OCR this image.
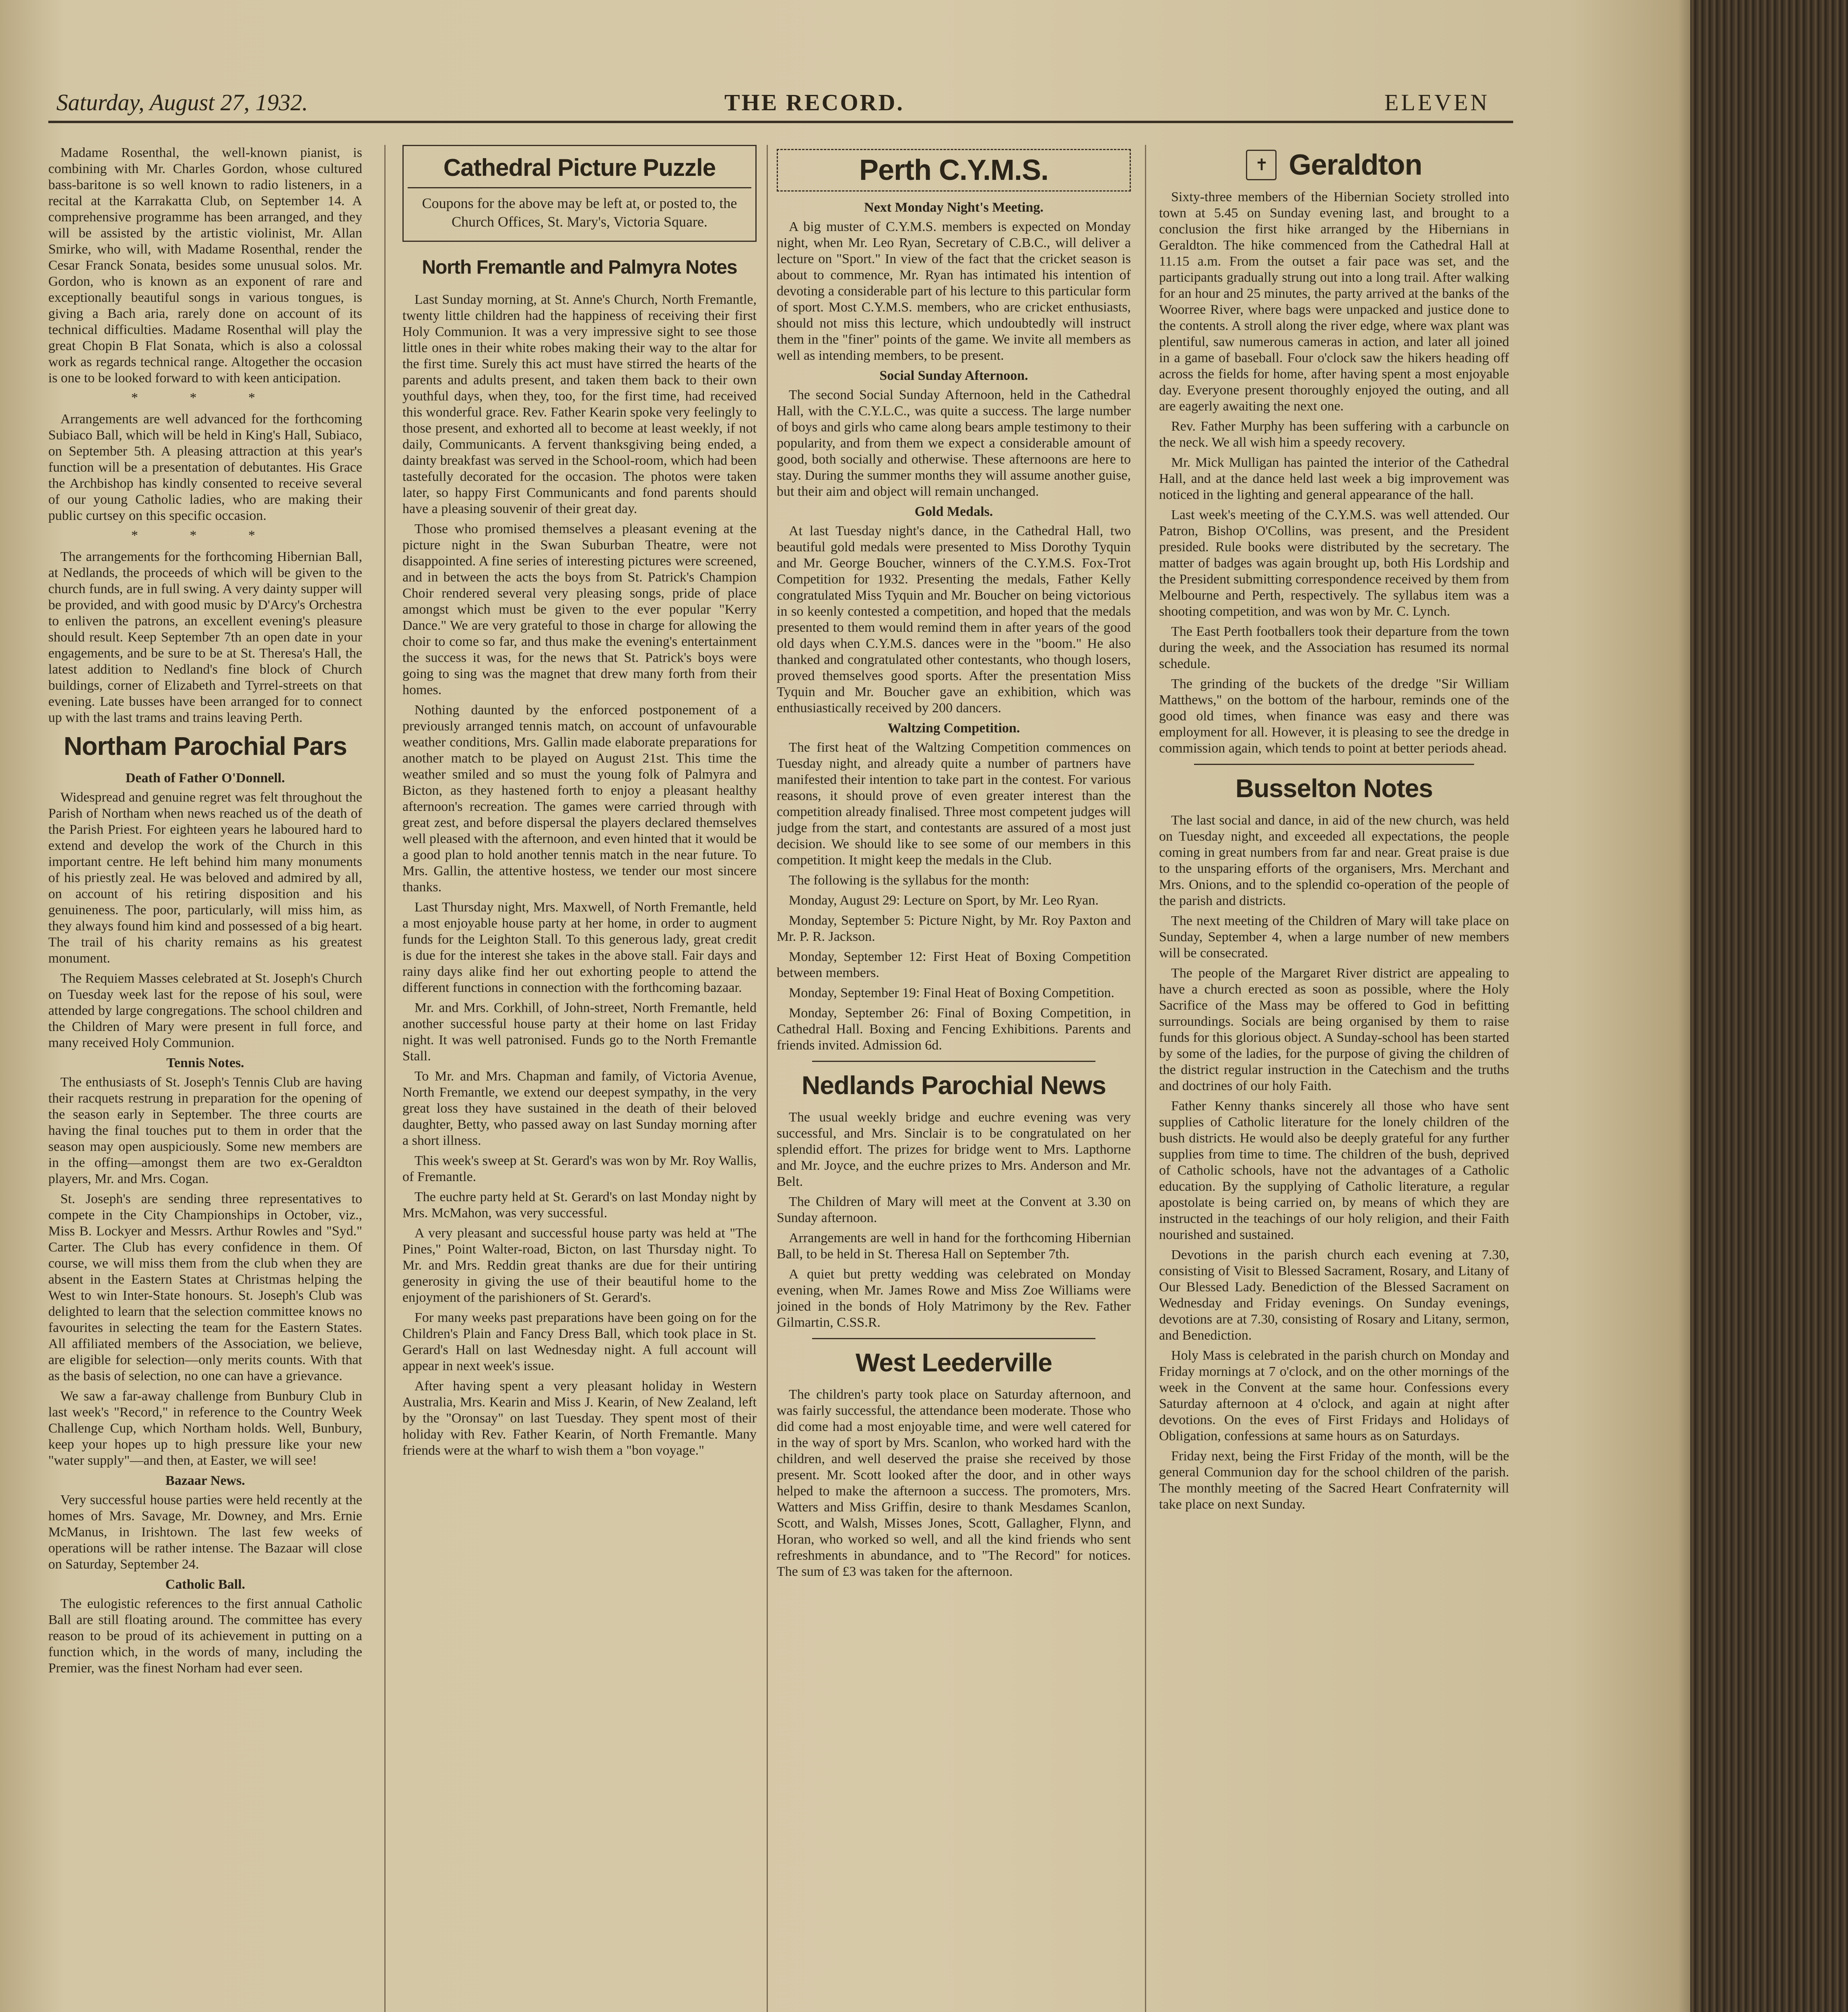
Saturday, August 27, 1932.	THE RECORD.	ELEVEN

Madame Rosenthal, the well-known pianist, is combining with Mr. Charles Gordon, whose cultured bass-baritone is so well known to radio listeners, in a recital at the Karrakatta Club, on September 14. A comprehensive programme has been arranged, and they will be assisted by the artistic violinist, Mr. Allan Smirke, who will, with Madame Rosenthal, render the Cesar Franck Sonata, besides some unusual solos. Mr. Gordon, who is known as an exponent of rare and exceptionally beautiful songs in various tongues, is giving a Bach aria, rarely done on account of its technical difficulties. Madame Rosenthal will play the great Chopin B Flat Sonata, which is also a colossal work as regards technical range. Altogether the occasion is one to be looked forward to with keen anticipation.

* * *

Arrangements are well advanced for the forthcoming Subiaco Ball, which will be held in King's Hall, Subiaco, on September 5th. A pleasing attraction at this year's function will be a presentation of debutantes. His Grace the Archbishop has kindly consented to receive several of our young Catholic ladies, who are making their public curtsey on this specific occasion.

* * *

The arrangements for the forthcoming Hibernian Ball, at Nedlands, the proceeds of which will be given to the church funds, are in full swing. A very dainty supper will be provided, and with good music by D'Arcy's Orchestra to enliven the patrons, an excellent evening's pleasure should result. Keep September 7th an open date in your engagements, and be sure to be at St. Theresa's Hall, the latest addition to Nedland's fine block of Church buildings, corner of Elizabeth and Tyrrel-streets on that evening. Late busses have been arranged for to connect up with the last trams and trains leaving Perth.

Northam Parochial Pars
Death of Father O'Donnell.

Widespread and genuine regret was felt throughout the Parish of Northam when news reached us of the death of the Parish Priest. For eighteen years he laboured hard to extend and develop the work of the Church in this important centre. He left behind him many monuments of his priestly zeal. He was beloved and admired by all, on account of his retiring disposition and his genuineness. The poor, particularly, will miss him, as they always found him kind and possessed of a big heart. The trail of his charity remains as his greatest monument.

The Requiem Masses celebrated at St. Joseph's Church on Tuesday week last for the repose of his soul, were attended by large congregations. The school children and the Children of Mary were present in full force, and many received Holy Communion.

Tennis Notes.

The enthusiasts of St. Joseph's Tennis Club are having their racquets restrung in preparation for the opening of the season early in September. The three courts are having the final touches put to them in order that the season may open auspiciously. Some new members are in the offing—amongst them are two ex-Geraldton players, Mr. and Mrs. Cogan.

St. Joseph's are sending three representatives to compete in the City Championships in October, viz., Miss B. Lockyer and Messrs. Arthur Rowles and "Syd." Carter. The Club has every confidence in them. Of course, we will miss them from the club when they are absent in the Eastern States at Christmas helping the West to win Inter-State honours. St. Joseph's Club was delighted to learn that the selection committee knows no favourites in selecting the team for the Eastern States. All affiliated members of the Association, we believe, are eligible for selection—only merits counts. With that as the basis of selection, no one can have a grievance.

We saw a far-away challenge from Bunbury Club in last week's "Record," in reference to the Country Week Challenge Cup, which Northam holds. Well, Bunbury, keep your hopes up to high pressure like your new "water supply"—and then, at Easter, we will see!

Bazaar News.

Very successful house parties were held recently at the homes of Mrs. Savage, Mr. Downey, and Mrs. Ernie McManus, in Irishtown. The last few weeks of operations will be rather intense. The Bazaar will close on Saturday, September 24.

Catholic Ball.

The eulogistic references to the first annual Catholic Ball are still floating around. The committee has every reason to be proud of its achievement in putting on a function which, in the words of many, including the Premier, was the finest Norham had ever seen.

Cathedral Picture Puzzle

Coupons for the above may be left at, or posted to, the Church Offices, St. Mary's, Victoria Square.

North Fremantle and Palmyra Notes

Last Sunday morning, at St. Anne's Church, North Fremantle, twenty little children had the happiness of receiving their first Holy Communion. It was a very impressive sight to see those little ones in their white robes making their way to the altar for the first time. Surely this act must have stirred the hearts of the parents and adults present, and taken them back to their own youthful days, when they, too, for the first time, had received this wonderful grace. Rev. Father Kearin spoke very feelingly to those present, and exhorted all to become at least weekly, if not daily, Communicants. A fervent thanksgiving being ended, a dainty breakfast was served in the School-room, which had been tastefully decorated for the occasion. The photos were taken later, so happy First Communicants and fond parents should have a pleasing souvenir of their great day.

Those who promised themselves a pleasant evening at the picture night in the Swan Suburban Theatre, were not disappointed. A fine series of interesting pictures were screened, and in between the acts the boys from St. Patrick's Champion Choir rendered several very pleasing songs, pride of place amongst which must be given to the ever popular "Kerry Dance." We are very grateful to those in charge for allowing the choir to come so far, and thus make the evening's entertainment the success it was, for the news that St. Patrick's boys were going to sing was the magnet that drew many forth from their homes.

Nothing daunted by the enforced postponement of a previously arranged tennis match, on account of unfavourable weather conditions, Mrs. Gallin made elaborate preparations for another match to be played on August 21st. This time the weather smiled and so must the young folk of Palmyra and Bicton, as they hastened forth to enjoy a pleasant healthy afternoon's recreation. The games were carried through with great zest, and before dispersal the players declared themselves well pleased with the afternoon, and even hinted that it would be a good plan to hold another tennis match in the near future. To Mrs. Gallin, the attentive hostess, we tender our most sincere thanks.

Last Thursday night, Mrs. Maxwell, of North Fremantle, held a most enjoyable house party at her home, in order to augment funds for the Leighton Stall. To this generous lady, great credit is due for the interest she takes in the above stall. Fair days and rainy days alike find her out exhorting people to attend the different functions in connection with the forthcoming bazaar.

Mr. and Mrs. Corkhill, of John-street, North Fremantle, held another successful house party at their home on last Friday night. It was well patronised. Funds go to the North Fremantle Stall.

To Mr. and Mrs. Chapman and family, of Victoria Avenue, North Fremantle, we extend our deepest sympathy, in the very great loss they have sustained in the death of their beloved daughter, Betty, who passed away on last Sunday morning after a short illness.

This week's sweep at St. Gerard's was won by Mr. Roy Wallis, of Fremantle.

The euchre party held at St. Gerard's on last Monday night by Mrs. McMahon, was very successful.

A very pleasant and successful house party was held at "The Pines," Point Walter-road, Bicton, on last Thursday night. To Mr. and Mrs. Reddin great thanks are due for their untiring generosity in giving the use of their beautiful home to the enjoyment of the parishioners of St. Gerard's.

For many weeks past preparations have been going on for the Children's Plain and Fancy Dress Ball, which took place in St. Gerard's Hall on last Wednesday night. A full account will appear in next week's issue.

After having spent a very pleasant holiday in Western Australia, Mrs. Kearin and Miss J. Kearin, of New Zealand, left by the "Oronsay" on last Tuesday. They spent most of their holiday with Rev. Father Kearin, of North Fremantle. Many friends were at the wharf to wish them a "bon voyage."

Perth C.Y.M.S.
Next Monday Night's Meeting.

A big muster of C.Y.M.S. members is expected on Monday night, when Mr. Leo Ryan, Secretary of C.B.C., will deliver a lecture on "Sport." In view of the fact that the cricket season is about to commence, Mr. Ryan has intimated his intention of devoting a considerable part of his lecture to this particular form of sport. Most C.Y.M.S. members, who are cricket enthusiasts, should not miss this lecture, which undoubtedly will instruct them in the "finer" points of the game. We invite all members as well as intending members, to be present.

Social Sunday Afternoon.

The second Social Sunday Afternoon, held in the Cathedral Hall, with the C.Y.L.C., was quite a success. The large number of boys and girls who came along bears ample testimony to their popularity, and from them we expect a considerable amount of good, both socially and otherwise. These afternoons are here to stay. During the summer months they will assume another guise, but their aim and object will remain unchanged.

Gold Medals.

At last Tuesday night's dance, in the Cathedral Hall, two beautiful gold medals were presented to Miss Dorothy Tyquin and Mr. George Boucher, winners of the C.Y.M.S. Fox-Trot Competition for 1932. Presenting the medals, Father Kelly congratulated Miss Tyquin and Mr. Boucher on being victorious in so keenly contested a competition, and hoped that the medals presented to them would remind them in after years of the good old days when C.Y.M.S. dances were in the "boom." He also thanked and congratulated other contestants, who though losers, proved themselves good sports. After the presentation Miss Tyquin and Mr. Boucher gave an exhibition, which was enthusiastically received by 200 dancers.

Waltzing Competition.

The first heat of the Waltzing Competition commences on Tuesday night, and already quite a number of partners have manifested their intention to take part in the contest. For various reasons, it should prove of even greater interest than the competition already finalised. Three most competent judges will judge from the start, and contestants are assured of a most just decision. We should like to see some of our members in this competition. It might keep the medals in the Club.

The following is the syllabus for the month:

Monday, August 29: Lecture on Sport, by Mr. Leo Ryan.

Monday, September 5: Picture Night, by Mr. Roy Paxton and Mr. P. R. Jackson.

Monday, September 12: First Heat of Boxing Competition between members.

Monday, September 19: Final Heat of Boxing Competition.

Monday, September 26: Final of Boxing Competition, in Cathedral Hall. Boxing and Fencing Exhibitions. Parents and friends invited. Admission 6d.

Nedlands Parochial News

The usual weekly bridge and euchre evening was very successful, and Mrs. Sinclair is to be congratulated on her splendid effort. The prizes for bridge went to Mrs. Lapthorne and Mr. Joyce, and the euchre prizes to Mrs. Anderson and Mr. Belt.

The Children of Mary will meet at the Convent at 3.30 on Sunday afternoon.

Arrangements are well in hand for the forthcoming Hibernian Ball, to be held in St. Theresa Hall on September 7th.

A quiet but pretty wedding was celebrated on Monday evening, when Mr. James Rowe and Miss Zoe Williams were joined in the bonds of Holy Matrimony by the Rev. Father Gilmartin, C.SS.R.

West Leederville

The children's party took place on Saturday afternoon, and was fairly successful, the attendance been moderate. Those who did come had a most enjoyable time, and were well catered for in the way of sport by Mrs. Scanlon, who worked hard with the children, and well deserved the praise she received by those present. Mr. Scott looked after the door, and in other ways helped to make the afternoon a success. The promoters, Mrs. Watters and Miss Griffin, desire to thank Mesdames Scanlon, Scott, and Walsh, Misses Jones, Scott, Gallagher, Flynn, and Horan, who worked so well, and all the kind friends who sent refreshments in abundance, and to "The Record" for notices. The sum of £3 was taken for the afternoon.

✝ Geraldton

Sixty-three members of the Hibernian Society strolled into town at 5.45 on Sunday evening last, and brought to a conclusion the first hike arranged by the Hibernians in Geraldton. The hike commenced from the Cathedral Hall at 11.15 a.m. From the outset a fair pace was set, and the participants gradually strung out into a long trail. After walking for an hour and 25 minutes, the party arrived at the banks of the Woorree River, where bags were unpacked and justice done to the contents. A stroll along the river edge, where wax plant was plentiful, saw numerous cameras in action, and later all joined in a game of baseball. Four o'clock saw the hikers heading off across the fields for home, after having spent a most enjoyable day. Everyone present thoroughly enjoyed the outing, and all are eagerly awaiting the next one.

Rev. Father Murphy has been suffering with a carbuncle on the neck. We all wish him a speedy recovery.

Mr. Mick Mulligan has painted the interior of the Cathedral Hall, and at the dance held last week a big improvement was noticed in the lighting and general appearance of the hall.

Last week's meeting of the C.Y.M.S. was well attended. Our Patron, Bishop O'Collins, was present, and the President presided. Rule books were distributed by the secretary. The matter of badges was again brought up, both His Lordship and the President submitting correspondence received by them from Melbourne and Perth, respectively. The syllabus item was a shooting competition, and was won by Mr. C. Lynch.

The East Perth footballers took their departure from the town during the week, and the Association has resumed its normal schedule.

The grinding of the buckets of the dredge "Sir William Matthews," on the bottom of the harbour, reminds one of the good old times, when finance was easy and there was employment for all. However, it is pleasing to see the dredge in commission again, which tends to point at better periods ahead.

Busselton Notes

The last social and dance, in aid of the new church, was held on Tuesday night, and exceeded all expectations, the people coming in great numbers from far and near. Great praise is due to the unsparing efforts of the organisers, Mrs. Merchant and Mrs. Onions, and to the splendid co-operation of the people of the parish and districts.

The next meeting of the Children of Mary will take place on Sunday, September 4, when a large number of new members will be consecrated.

The people of the Margaret River district are appealing to have a church erected as soon as possible, where the Holy Sacrifice of the Mass may be offered to God in befitting surroundings. Socials are being organised by them to raise funds for this glorious object. A Sunday-school has been started by some of the ladies, for the purpose of giving the children of the district regular instruction in the Catechism and the truths and doctrines of our holy Faith.

Father Kenny thanks sincerely all those who have sent supplies of Catholic literature for the lonely children of the bush districts. He would also be deeply grateful for any further supplies from time to time. The children of the bush, deprived of Catholic schools, have not the advantages of a Catholic education. By the supplying of Catholic literature, a regular apostolate is being carried on, by means of which they are instructed in the teachings of our holy religion, and their Faith nourished and sustained.

Devotions in the parish church each evening at 7.30, consisting of Visit to Blessed Sacrament, Rosary, and Litany of Our Blessed Lady. Benediction of the Blessed Sacrament on Wednesday and Friday evenings. On Sunday evenings, devotions are at 7.30, consisting of Rosary and Litany, sermon, and Benediction.

Holy Mass is celebrated in the parish church on Monday and Friday mornings at 7 o'clock, and on the other mornings of the week in the Convent at the same hour. Confessions every Saturday afternoon at 4 o'clock, and again at night after devotions. On the eves of First Fridays and Holidays of Obligation, confessions at same hours as on Saturdays.

Friday next, being the First Friday of the month, will be the general Communion day for the school children of the parish. The monthly meeting of the Sacred Heart Confraternity will take place on next Sunday.
